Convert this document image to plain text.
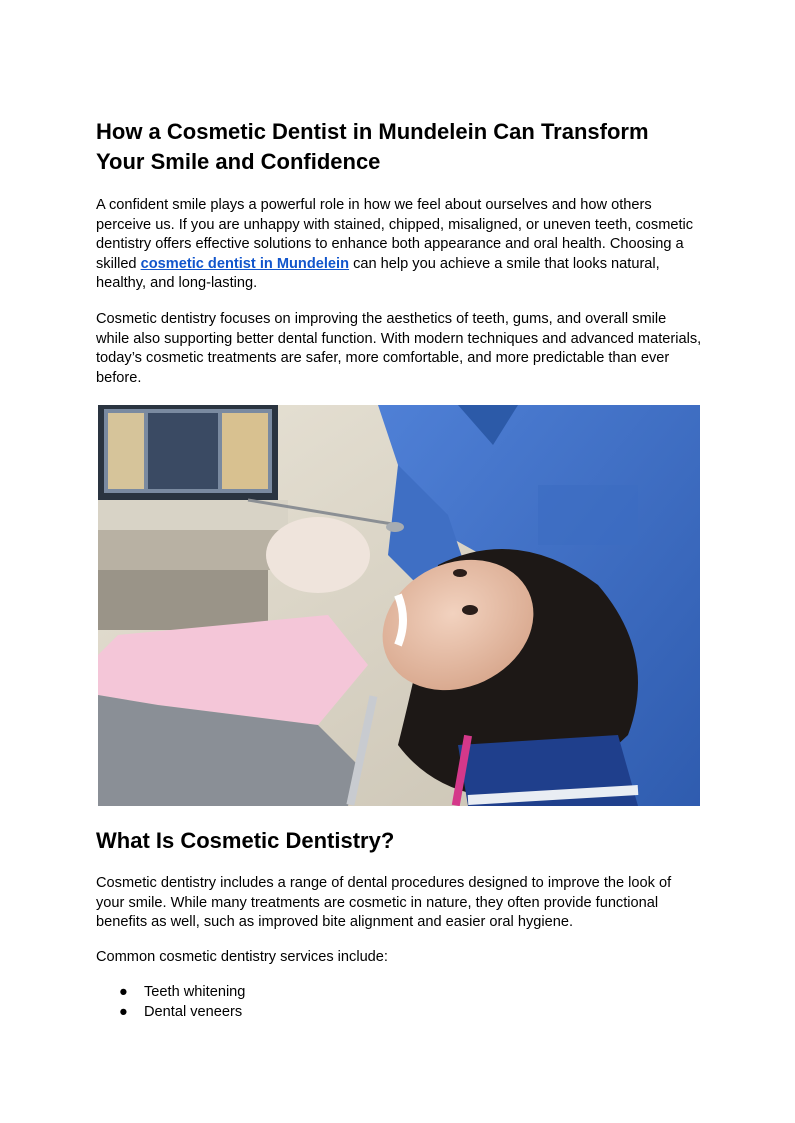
How a Cosmetic Dentist in Mundelein Can Transform Your Smile and Confidence

A confident smile plays a powerful role in how we feel about ourselves and how others perceive us. If you are unhappy with stained, chipped, misaligned, or uneven teeth, cosmetic dentistry offers effective solutions to enhance both appearance and oral health. Choosing a skilled cosmetic dentist in Mundelein can help you achieve a smile that looks natural, healthy, and long-lasting.

Cosmetic dentistry focuses on improving the aesthetics of teeth, gums, and overall smile while also supporting better dental function. With modern techniques and advanced materials, today’s cosmetic treatments are safer, more comfortable, and more predictable than ever before.

What Is Cosmetic Dentistry?

Cosmetic dentistry includes a range of dental procedures designed to improve the look of your smile. While many treatments are cosmetic in nature, they often provide functional benefits as well, such as improved bite alignment and easier oral hygiene.

Common cosmetic dentistry services include:

● Teeth whitening
● Dental veneers
